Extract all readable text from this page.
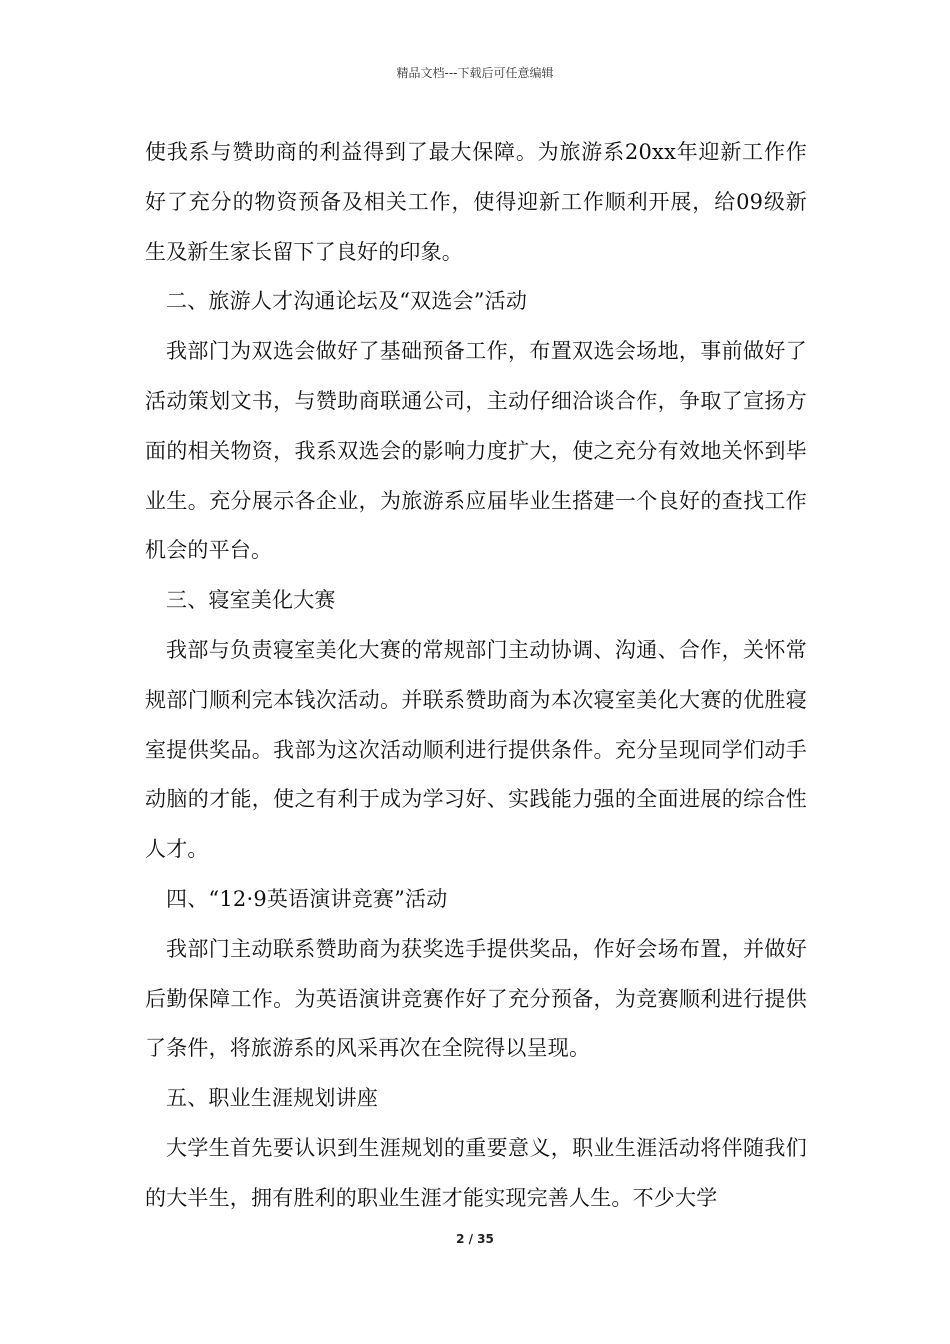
精品文档---下载后可任意编辑

使我系与赞助商的利益得到了最大保障。为旅游系20xx年迎新工作作好了充分的物资预备及相关工作，使得迎新工作顺利开展，给09级新生及新生家长留下了良好的印象。

二、旅游人才沟通论坛及“双选会”活动

我部门为双选会做好了基础预备工作，布置双选会场地，事前做好了活动策划文书，与赞助商联通公司，主动仔细洽谈合作，争取了宣扬方面的相关物资，我系双选会的影响力度扩大，使之充分有效地关怀到毕业生。充分展示各企业，为旅游系应届毕业生搭建一个良好的查找工作机会的平台。

三、寝室美化大赛

我部与负责寝室美化大赛的常规部门主动协调、沟通、合作，关怀常规部门顺利完本钱次活动。并联系赞助商为本次寝室美化大赛的优胜寝室提供奖品。我部为这次活动顺利进行提供条件。充分呈现同学们动手动脑的才能，使之有利于成为学习好、实践能力强的全面进展的综合性人才。

四、“12·9英语演讲竞赛”活动

我部门主动联系赞助商为获奖选手提供奖品，作好会场布置，并做好后勤保障工作。为英语演讲竞赛作好了充分预备，为竞赛顺利进行提供了条件，将旅游系的风采再次在全院得以呈现。

五、职业生涯规划讲座

大学生首先要认识到生涯规划的重要意义，职业生涯活动将伴随我们的大半生，拥有胜利的职业生涯才能实现完善人生。不少大学

2 / 35
